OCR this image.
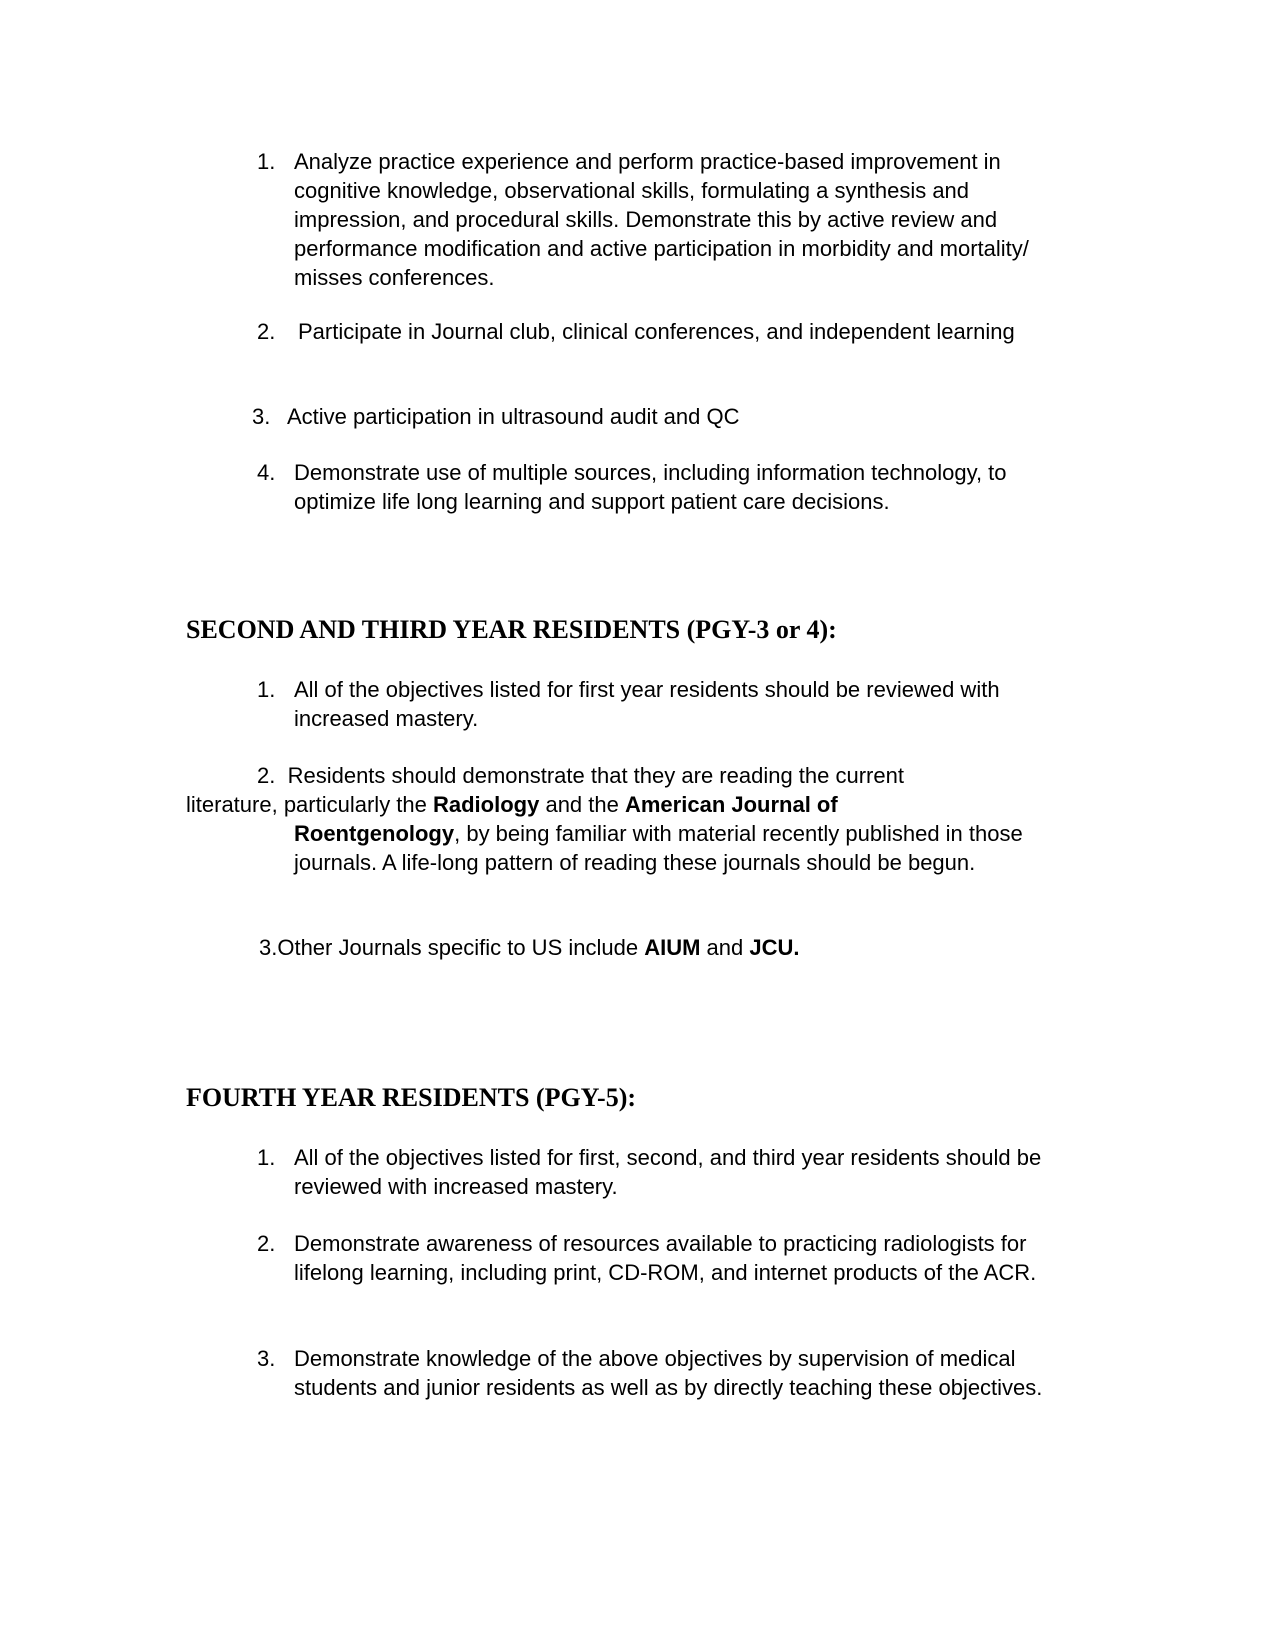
1. Analyze practice experience and perform practice-based improvement in cognitive knowledge, observational skills, formulating a synthesis and impression, and procedural skills. Demonstrate this by active review and performance modification and active participation in morbidity and mortality/ misses conferences.
2. Participate in Journal club, clinical conferences, and independent learning
3. Active participation in ultrasound audit and QC
4. Demonstrate use of multiple sources, including information technology, to optimize life long learning and support patient care decisions.
SECOND AND THIRD YEAR RESIDENTS (PGY-3 or 4):
1. All of the objectives listed for first year residents should be reviewed with increased mastery.

2. Residents should demonstrate that they are reading the current

literature, particularly the Radiology and the American Journal of

Roentgenology, by being familiar with material recently published in those journals. A life-long pattern of reading these journals should be begun.

3.Other Journals specific to US include AIUM and JCU.

FOURTH YEAR RESIDENTS (PGY-5):
1. All of the objectives listed for first, second, and third year residents should be reviewed with increased mastery.
2. Demonstrate awareness of resources available to practicing radiologists for lifelong learning, including print, CD-ROM, and internet products of the ACR.
3. Demonstrate knowledge of the above objectives by supervision of medical students and junior residents as well as by directly teaching these objectives.
